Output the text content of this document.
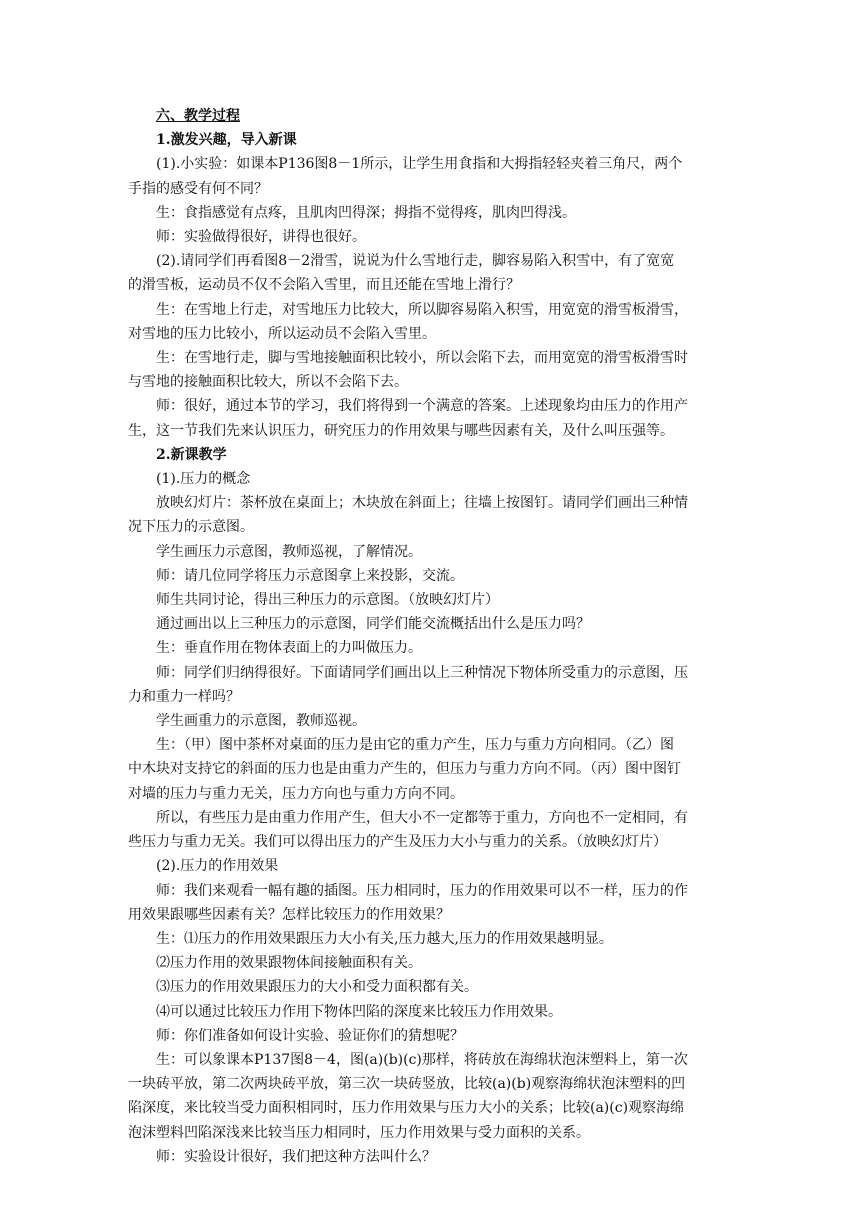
六、教学过程

1.激发兴趣，导入新课

(1).小实验：如课本P136图8－1所示，让学生用食指和大拇指轻轻夹着三角尺，两个

手指的感受有何不同？

生：食指感觉有点疼，且肌肉凹得深；拇指不觉得疼，肌肉凹得浅。

师：实验做得很好，讲得也很好。

(2).请同学们再看图8－2滑雪，说说为什么雪地行走，脚容易陷入积雪中，有了宽宽

的滑雪板，运动员不仅不会陷入雪里，而且还能在雪地上滑行？

生：在雪地上行走，对雪地压力比较大，所以脚容易陷入积雪，用宽宽的滑雪板滑雪，

对雪地的压力比较小，所以运动员不会陷入雪里。

生：在雪地行走，脚与雪地接触面积比较小，所以会陷下去，而用宽宽的滑雪板滑雪时

与雪地的接触面积比较大，所以不会陷下去。

师：很好，通过本节的学习，我们将得到一个满意的答案。上述现象均由压力的作用产

生，这一节我们先来认识压力，研究压力的作用效果与哪些因素有关，及什么叫压强等。

2.新课教学

(1).压力的概念

放映幻灯片：茶杯放在桌面上；木块放在斜面上；往墙上按图钉。请同学们画出三种情

况下压力的示意图。

学生画压力示意图，教师巡视，了解情况。

师：请几位同学将压力示意图拿上来投影，交流。

师生共同讨论，得出三种压力的示意图。（放映幻灯片）

通过画出以上三种压力的示意图，同学们能交流概括出什么是压力吗？

生：垂直作用在物体表面上的力叫做压力。

师：同学们归纳得很好。下面请同学们画出以上三种情况下物体所受重力的示意图，压

力和重力一样吗？

学生画重力的示意图，教师巡视。

生：（甲）图中茶杯对桌面的压力是由它的重力产生，压力与重力方向相同。（乙）图

中木块对支持它的斜面的压力也是由重力产生的，但压力与重力方向不同。（丙）图中图钉

对墙的压力与重力无关，压力方向也与重力方向不同。

所以，有些压力是由重力作用产生，但大小不一定都等于重力，方向也不一定相同，有

些压力与重力无关。我们可以得出压力的产生及压力大小与重力的关系。（放映幻灯片）

(2).压力的作用效果

师：我们来观看一幅有趣的插图。压力相同时，压力的作用效果可以不一样，压力的作

用效果跟哪些因素有关？怎样比较压力的作用效果？

生：⑴压力的作用效果跟压力大小有关,压力越大,压力的作用效果越明显。

⑵压力作用的效果跟物体间接触面积有关。

⑶压力的作用效果跟压力的大小和受力面积都有关。

⑷可以通过比较压力作用下物体凹陷的深度来比较压力作用效果。

师：你们准备如何设计实验、验证你们的猜想呢？

生：可以象课本P137图8－4，图(a)(b)(c)那样，将砖放在海绵状泡沫塑料上，第一次

一块砖平放，第二次两块砖平放，第三次一块砖竖放，比较(a)(b)观察海绵状泡沫塑料的凹

陷深度，来比较当受力面积相同时，压力作用效果与压力大小的关系；比较(a)(c)观察海绵

泡沫塑料凹陷深浅来比较当压力相同时，压力作用效果与受力面积的关系。

师：实验设计很好，我们把这种方法叫什么？
